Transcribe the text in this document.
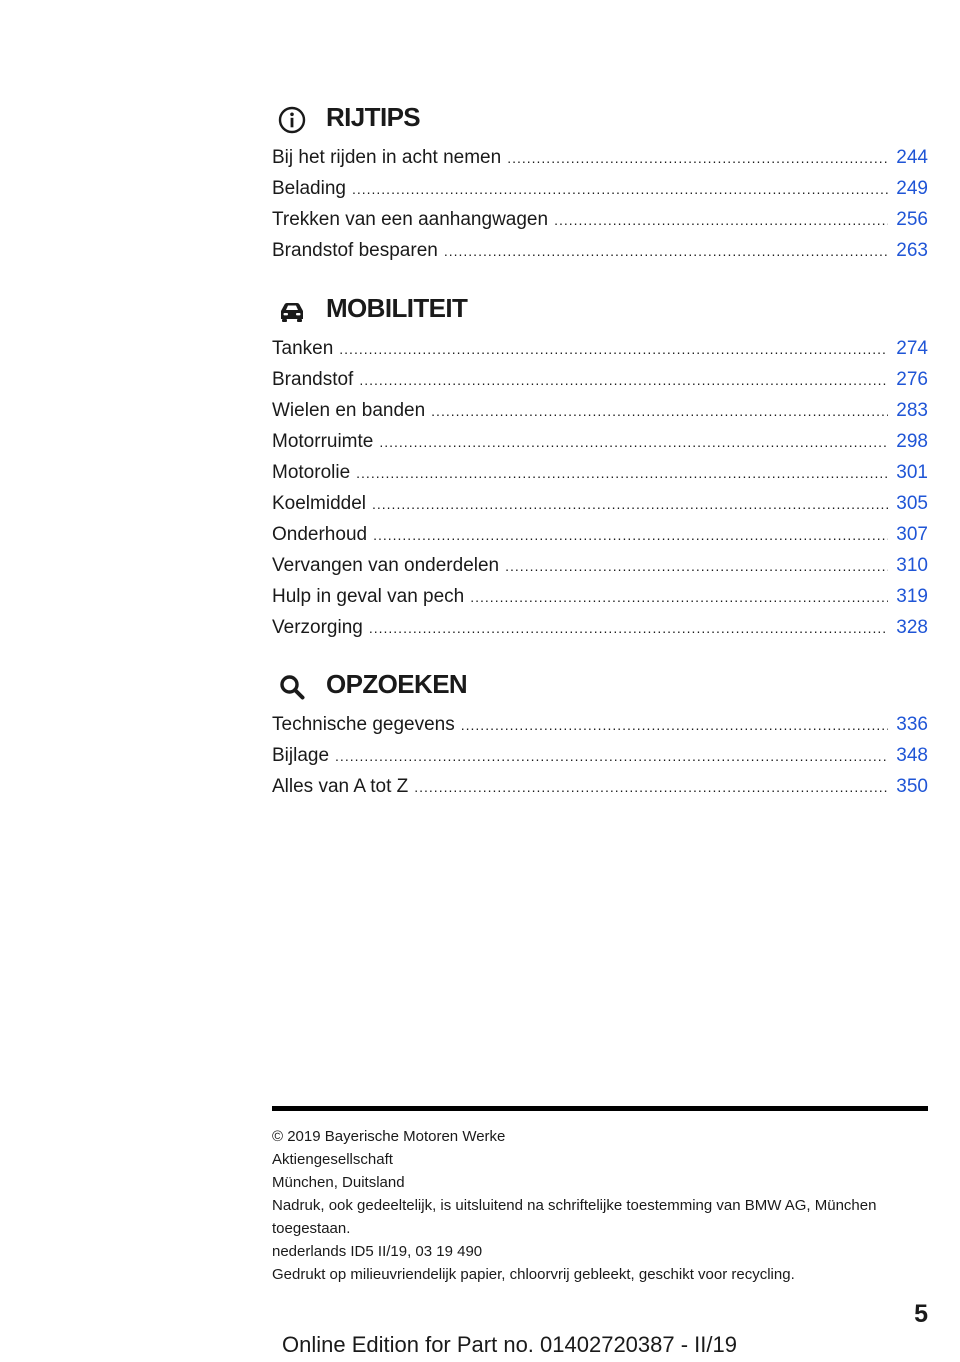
RIJTIPS
Bij het rijden in acht nemen .....	244
Belading .....	249
Trekken van een aanhangwagen .....	256
Brandstof besparen .....	263
MOBILITEIT
Tanken .....	274
Brandstof .....	276
Wielen en banden .....	283
Motorruimte .....	298
Motorolie .....	301
Koelmiddel .....	305
Onderhoud .....	307
Vervangen van onderdelen .....	310
Hulp in geval van pech .....	319
Verzorging .....	328
OPZOEKEN
Technische gegevens .....	336
Bijlage .....	348
Alles van A tot Z .....	350
© 2019 Bayerische Motoren Werke
Aktiengesellschaft
München, Duitsland
Nadruk, ook gedeeltelijk, is uitsluitend na schriftelijke toestemming van BMW AG, München
toegestaan.
nederlands ID5 II/19, 03 19 490
Gedrukt op milieuvriendelijk papier, chloorvrij gebleekt, geschikt voor recycling.
5
Online Edition for Part no. 01402720387 - II/19
